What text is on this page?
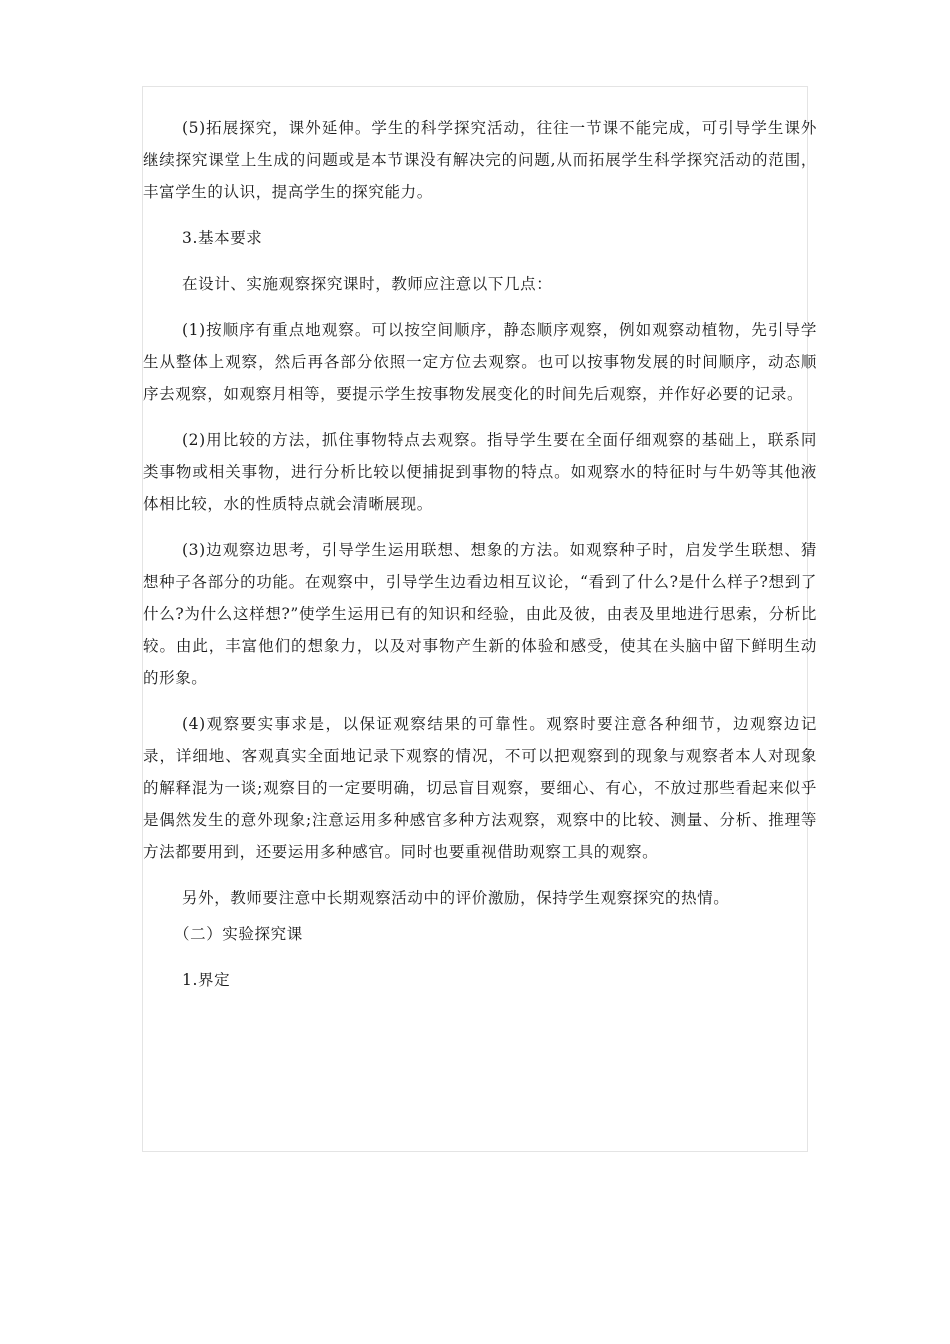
(5)拓展探究，课外延伸。学生的科学探究活动，往往一节课不能完成，可引导学生课外继续探究课堂上生成的问题或是本节课没有解决完的问题,从而拓展学生科学探究活动的范围，丰富学生的认识，提高学生的探究能力。

3.基本要求

在设计、实施观察探究课时，教师应注意以下几点：

(1)按顺序有重点地观察。可以按空间顺序，静态顺序观察，例如观察动植物，先引导学生从整体上观察，然后再各部分依照一定方位去观察。也可以按事物发展的时间顺序，动态顺序去观察，如观察月相等，要提示学生按事物发展变化的时间先后观察，并作好必要的记录。

(2)用比较的方法，抓住事物特点去观察。指导学生要在全面仔细观察的基础上，联系同类事物或相关事物，进行分析比较以便捕捉到事物的特点。如观察水的特征时与牛奶等其他液体相比较，水的性质特点就会清晰展现。

(3)边观察边思考，引导学生运用联想、想象的方法。如观察种子时，启发学生联想、猜想种子各部分的功能。在观察中，引导学生边看边相互议论，“看到了什么?是什么样子?想到了什么?为什么这样想?”使学生运用已有的知识和经验，由此及彼，由表及里地进行思索，分析比较。由此，丰富他们的想象力，以及对事物产生新的体验和感受，使其在头脑中留下鲜明生动的形象。

(4)观察要实事求是，以保证观察结果的可靠性。观察时要注意各种细节，边观察边记录，详细地、客观真实全面地记录下观察的情况，不可以把观察到的现象与观察者本人对现象的解释混为一谈;观察目的一定要明确，切忌盲目观察，要细心、有心，不放过那些看起来似乎是偶然发生的意外现象;注意运用多种感官多种方法观察，观察中的比较、测量、分析、推理等方法都要用到，还要运用多种感官。同时也要重视借助观察工具的观察。

另外，教师要注意中长期观察活动中的评价激励，保持学生观察探究的热情。

（二）实验探究课

1.界定
